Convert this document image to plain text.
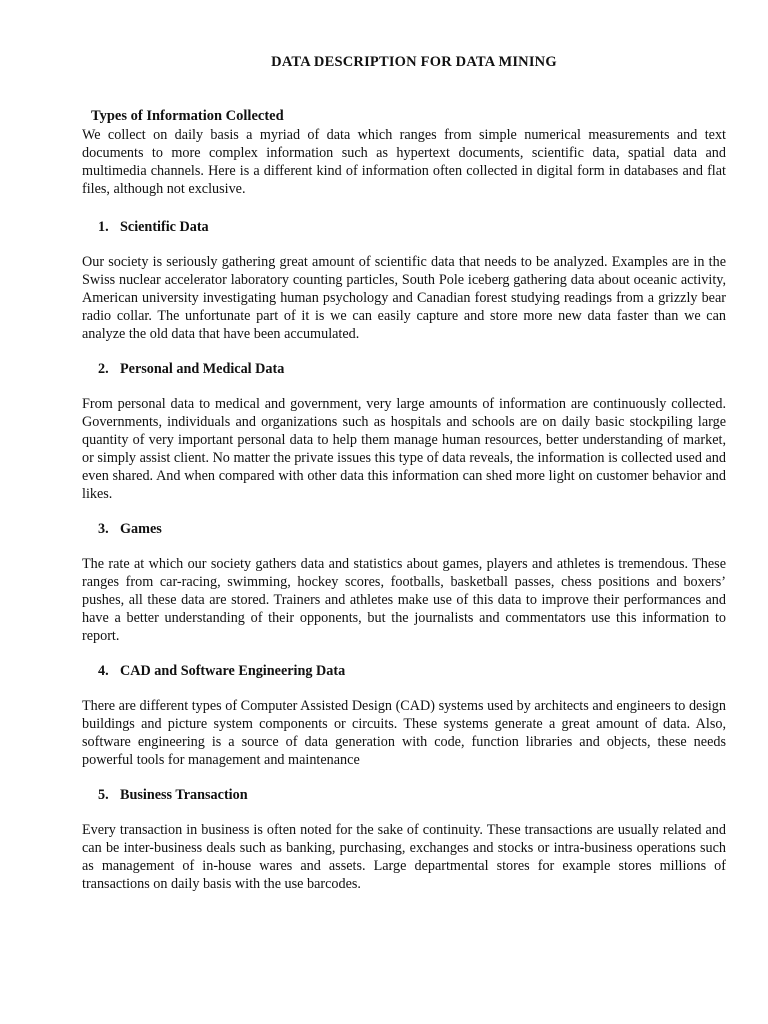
DATA DESCRIPTION FOR DATA MINING
Types of Information Collected

We collect on daily basis a myriad of data which ranges from simple numerical measurements and text documents to more complex information such as hypertext documents, scientific data, spatial data and multimedia channels. Here is a different kind of information often collected in digital form in databases and flat files, although not exclusive.

1. Scientific Data

Our society is seriously gathering great amount of scientific data that needs to be analyzed. Examples are in the Swiss nuclear accelerator laboratory counting particles, South Pole iceberg gathering data about oceanic activity, American university investigating human psychology and Canadian forest studying readings from a grizzly bear radio collar. The unfortunate part of it is we can easily capture and store more new data faster than we can analyze the old data that have been accumulated.

2. Personal and Medical Data

From personal data to medical and government, very large amounts of information are continuously collected. Governments, individuals and organizations such as hospitals and schools are on daily basic stockpiling large quantity of very important personal data to help them manage human resources, better understanding of market, or simply assist client. No matter the private issues this type of data reveals, the information is collected used and even shared. And when compared with other data this information can shed more light on customer behavior and likes.

3. Games

The rate at which our society gathers data and statistics about games, players and athletes is tremendous. These ranges from car-racing, swimming, hockey scores, footballs, basketball passes, chess positions and boxers’ pushes, all these data are stored. Trainers and athletes make use of this data to improve their performances and have a better understanding of their opponents, but the journalists and commentators use this information to report.

4. CAD and Software Engineering Data

There are different types of Computer Assisted Design (CAD) systems used by architects and engineers to design buildings and picture system components or circuits. These systems generate a great amount of data. Also, software engineering is a source of data generation with code, function libraries and objects, these needs powerful tools for management and maintenance

5. Business Transaction

Every transaction in business is often noted for the sake of continuity. These transactions are usually related and can be inter-business deals such as banking, purchasing, exchanges and stocks or intra-business operations such as management of in-house wares and assets. Large departmental stores for example stores millions of transactions on daily basis with the use barcodes.
